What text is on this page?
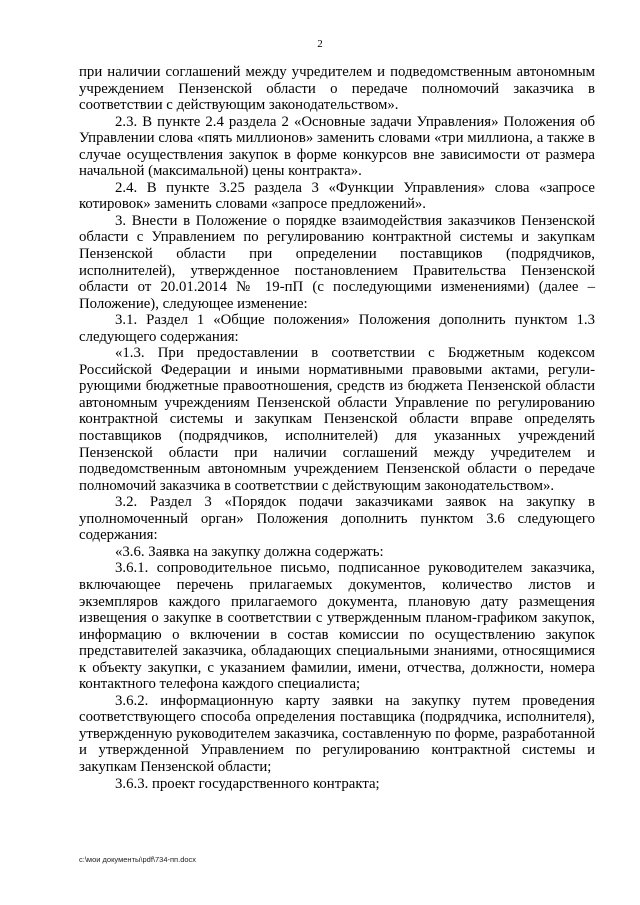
2

при наличии соглашений между учредителем и подведомственным автономным учреждением Пензенской области о передаче полномочий заказчика в соответствии с действующим законодательством».

2.3. В пункте 2.4 раздела 2 «Основные задачи Управления» Положения об Управлении слова «пять миллионов» заменить словами «три миллиона, а также в случае осуществления закупок в форме конкурсов вне зависимости от размера начальной (максимальной) цены контракта».

2.4. В пункте 3.25 раздела 3 «Функции Управления» слова «запросе котировок» заменить словами «запросе предложений».

3. Внести в Положение о порядке взаимодействия заказчиков Пензенской области с Управлением по регулированию контрактной системы и закупкам Пензенской области при определении поставщиков (подрядчиков, исполнителей), утвержденное постановлением Правительства Пензенской области от 20.01.2014 № 19-пП (с последующими изменениями) (далее – Положение), следующее изменение:

3.1. Раздел 1 «Общие положения» Положения дополнить пунктом 1.3 следующего содержания:

«1.3. При предоставлении в соответствии с Бюджетным кодексом Российской Федерации и иными нормативными правовыми актами, регулирующими бюджетные правоотношения, средств из бюджета Пензенской области автономным учреждениям Пензенской области Управление по регулированию контрактной системы и закупкам Пензенской области вправе определять поставщиков (подрядчиков, исполнителей) для указанных учреждений Пензенской области при наличии соглашений между учредителем и подведомственным автономным учреждением Пензенской области о передаче полномочий заказчика в соответствии с действующим законодательством».

3.2. Раздел 3 «Порядок подачи заказчиками заявок на закупку в уполномоченный орган» Положения дополнить пунктом 3.6 следующего содержания:

«3.6. Заявка на закупку должна содержать:

3.6.1. сопроводительное письмо, подписанное руководителем заказчика, включающее перечень прилагаемых документов, количество листов и экземпляров каждого прилагаемого документа, плановую дату размещения извещения о закупке в соответствии с утвержденным планом-графиком закупок, информацию о включении в состав комиссии по осуществлению закупок представителей заказчика, обладающих специальными знаниями, относящимися к объекту закупки, с указанием фамилии, имени, отчества, должности, номера контактного телефона каждого специалиста;

3.6.2. информационную карту заявки на закупку путем проведения соответствующего способа определения поставщика (подрядчика, исполнителя), утвержденную руководителем заказчика, составленную по форме, разработанной и утвержденной Управлением по регулированию контрактной системы и закупкам Пензенской области;

3.6.3. проект государственного контракта;

c:\мои документы\pdf\734-пп.docx
